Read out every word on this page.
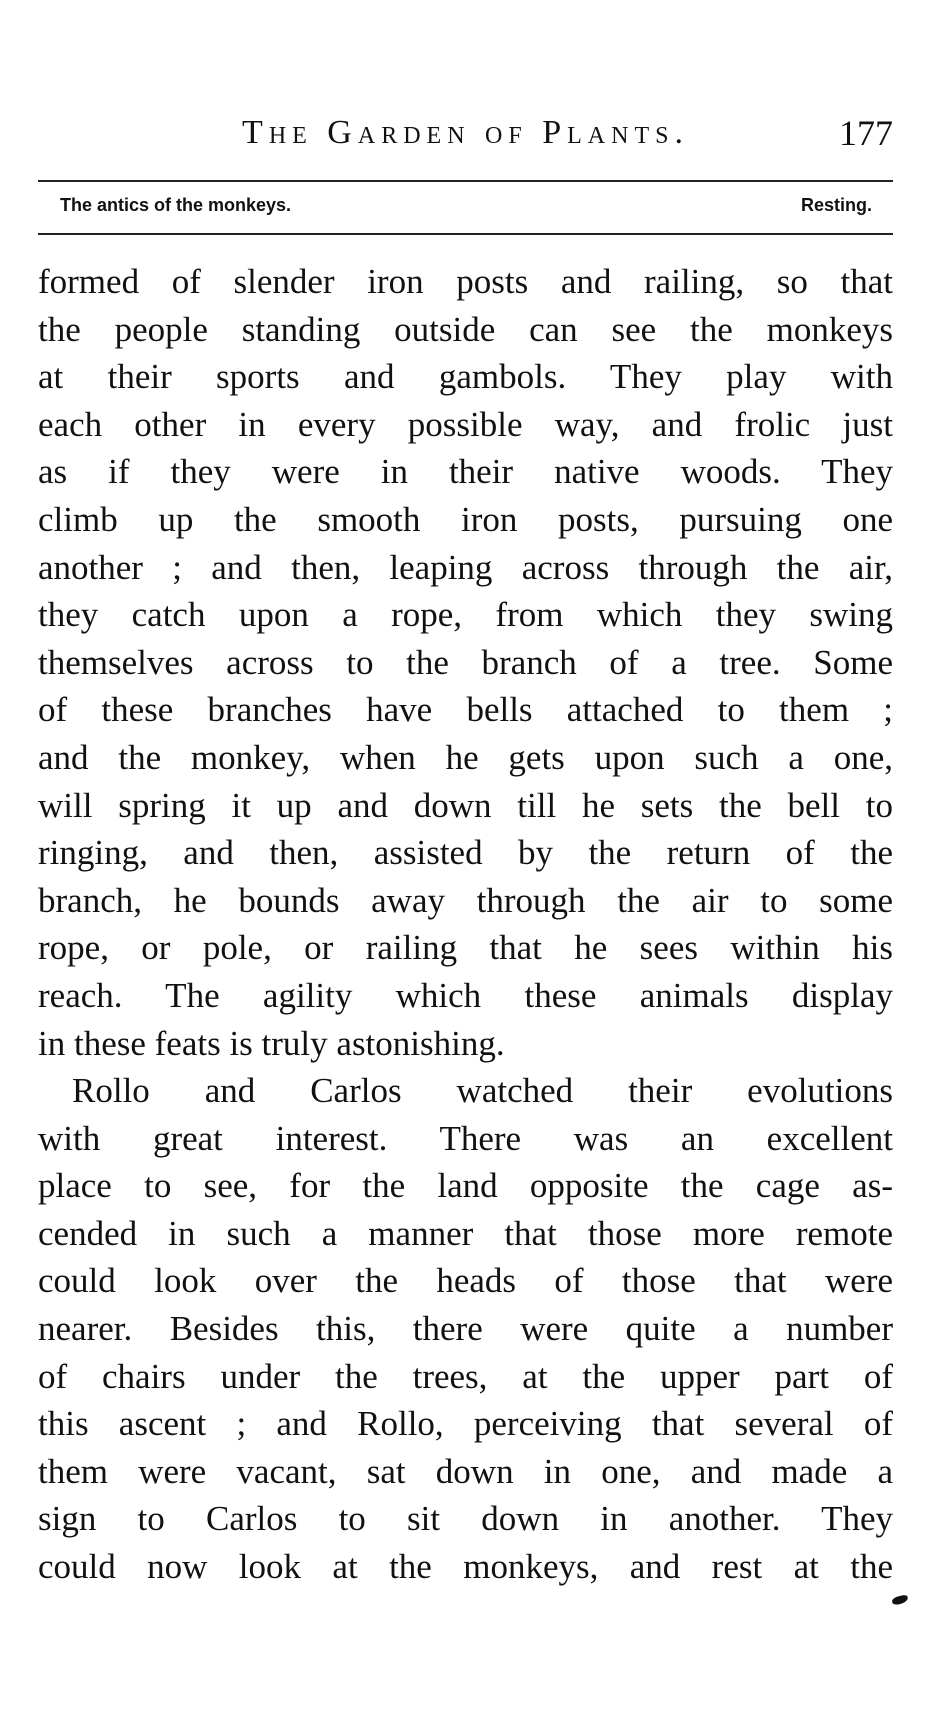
The Garden of Plants.	177
The antics of the monkeys.	Resting.
formed of slender iron posts and railing, so that
the people standing outside can see the monkeys
at their sports and gambols. They play with
each other in every possible way, and frolic just
as if they were in their native woods. They
climb up the smooth iron posts, pursuing one
another ; and then, leaping across through the air,
they catch upon a rope, from which they swing
themselves across to the branch of a tree. Some
of these branches have bells attached to them ;
and the monkey, when he gets upon such a one,
will spring it up and down till he sets the bell to
ringing, and then, assisted by the return of the
branch, he bounds away through the air to some
rope, or pole, or railing that he sees within his
reach. The agility which these animals display
in these feats is truly astonishing.
Rollo and Carlos watched their evolutions
with great interest. There was an excellent
place to see, for the land opposite the cage as-
cended in such a manner that those more remote
could look over the heads of those that were
nearer. Besides this, there were quite a number
of chairs under the trees, at the upper part of
this ascent ; and Rollo, perceiving that several of
them were vacant, sat down in one, and made a
sign to Carlos to sit down in another. They
could now look at the monkeys, and rest at the
